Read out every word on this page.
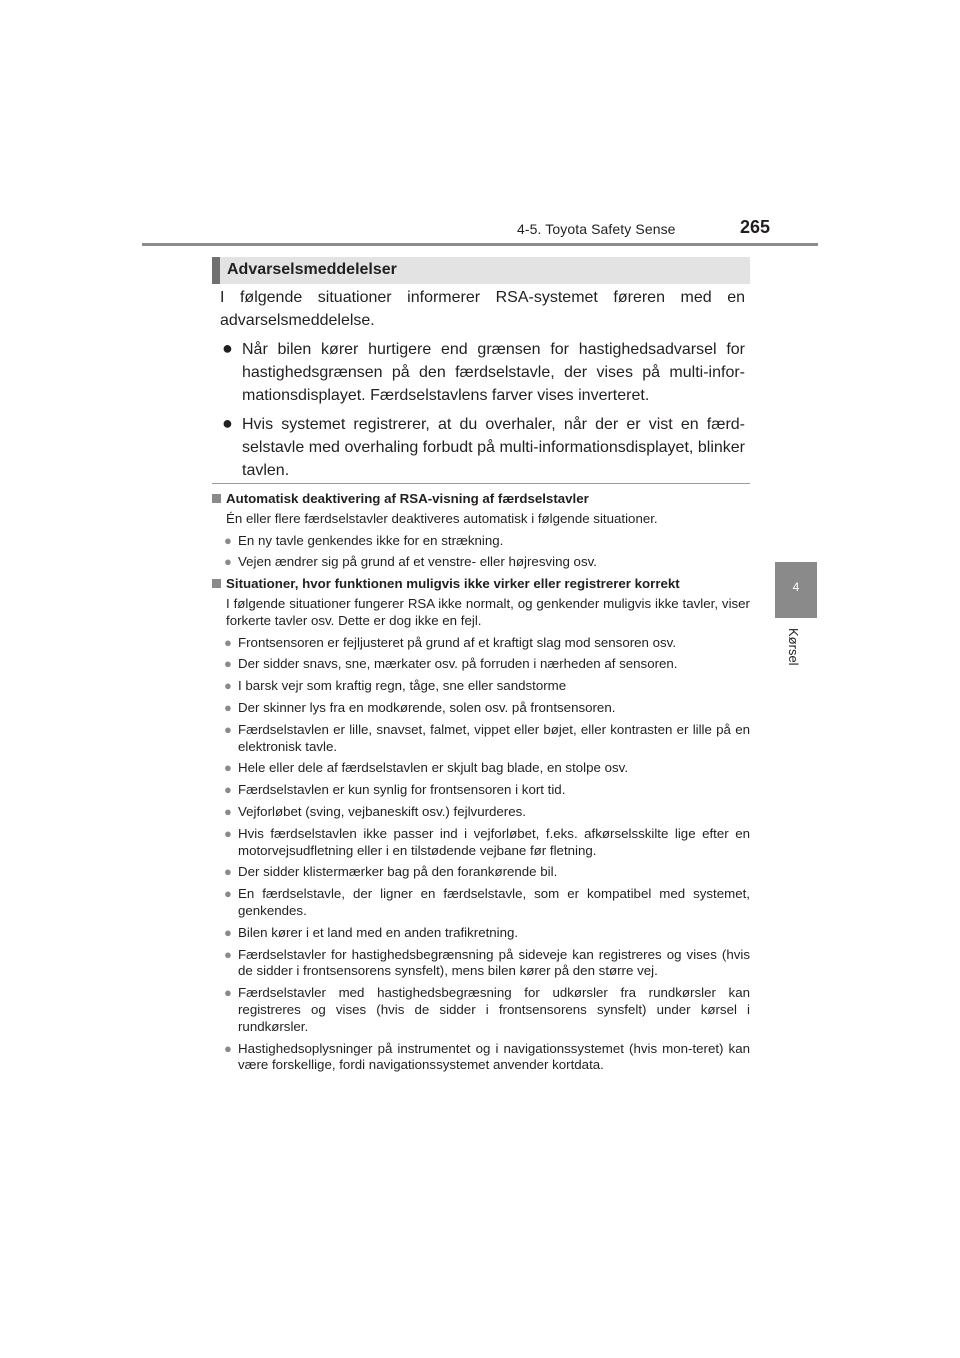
4-5. Toyota Safety Sense	265
4
Kørsel
Advarselsmeddelelser
I følgende situationer informerer RSA-systemet føreren med en advarselsmeddelelse.
● Når bilen kører hurtigere end grænsen for hastighedsadvarsel for hastighedsgrænsen på den færdselstavle, der vises på multi-infor-mationsdisplayet. Færdselstavlens farver vises inverteret.
● Hvis systemet registrerer, at du overhaler, når der er vist en færd-selstavle med overhaling forbudt på multi-informationsdisplayet, blinker tavlen.
Automatisk deaktivering af RSA-visning af færdselstavler
Én eller flere færdselstavler deaktiveres automatisk i følgende situationer.
● En ny tavle genkendes ikke for en strækning.
● Vejen ændrer sig på grund af et venstre- eller højresving osv.
Situationer, hvor funktionen muligvis ikke virker eller registrerer korrekt
I følgende situationer fungerer RSA ikke normalt, og genkender muligvis ikke tavler, viser forkerte tavler osv. Dette er dog ikke en fejl.
● Frontsensoren er fejljusteret på grund af et kraftigt slag mod sensoren osv.
● Der sidder snavs, sne, mærkater osv. på forruden i nærheden af sensoren.
● I barsk vejr som kraftig regn, tåge, sne eller sandstorme
● Der skinner lys fra en modkørende, solen osv. på frontsensoren.
● Færdselstavlen er lille, snavset, falmet, vippet eller bøjet, eller kontrasten er lille på en elektronisk tavle.
● Hele eller dele af færdselstavlen er skjult bag blade, en stolpe osv.
● Færdselstavlen er kun synlig for frontsensoren i kort tid.
● Vejforløbet (sving, vejbaneskift osv.) fejlvurderes.
● Hvis færdselstavlen ikke passer ind i vejforløbet, f.eks. afkørselsskilte lige efter en motorvejsudfletning eller i en tilstødende vejbane før fletning.
● Der sidder klistermærker bag på den forankørende bil.
● En færdselstavle, der ligner en færdselstavle, som er kompatibel med systemet, genkendes.
● Bilen kører i et land med en anden trafikretning.
● Færdselstavler for hastighedsbegrænsning på sideveje kan registreres og vises (hvis de sidder i frontsensorens synsfelt), mens bilen kører på den større vej.
● Færdselstavler med hastighedsbegræsning for udkørsler fra rundkørsler kan registreres og vises (hvis de sidder i frontsensorens synsfelt) under kørsel i rundkørsler.
● Hastighedsoplysninger på instrumentet og i navigationssystemet (hvis mon-teret) kan være forskellige, fordi navigationssystemet anvender kortdata.
